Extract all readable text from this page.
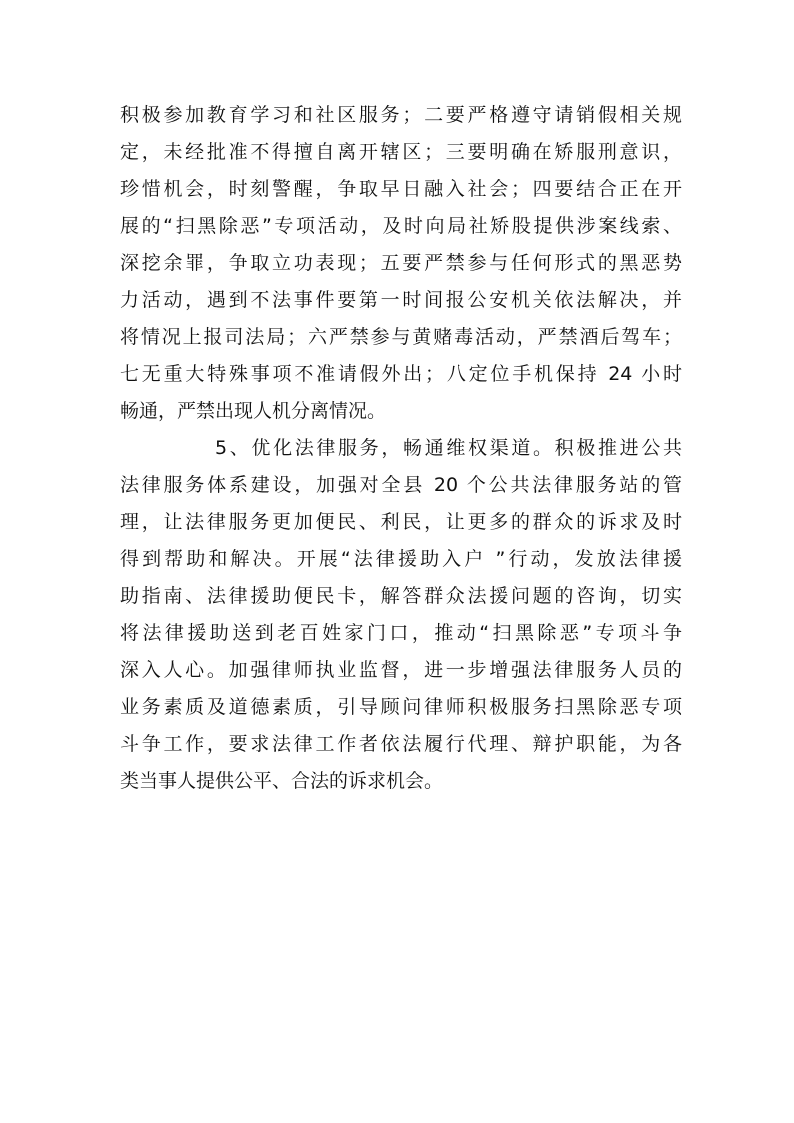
积极参加教育学习和社区服务；二要严格遵守请销假相关规
定，未经批准不得擅自离开辖区；三要明确在矫服刑意识，
珍惜机会，时刻警醒，争取早日融入社会；四要结合正在开
展的“扫黑除恶”专项活动，及时向局社矫股提供涉案线索、
深挖余罪，争取立功表现；五要严禁参与任何形式的黑恶势
力活动，遇到不法事件要第一时间报公安机关依法解决，并
将情况上报司法局；六严禁参与黄赌毒活动，严禁酒后驾车；
七无重大特殊事项不准请假外出；八定位手机保持 24 小时
畅通，严禁出现人机分离情况。
5、优化法律服务，畅通维权渠道。积极推进公共
法律服务体系建设，加强对全县 20 个公共法律服务站的管
理，让法律服务更加便民、利民，让更多的群众的诉求及时
得到帮助和解决。开展“法律援助入户 ”行动，发放法律援
助指南、法律援助便民卡，解答群众法援问题的咨询，切实
将法律援助送到老百姓家门口，推动“扫黑除恶”专项斗争
深入人心。加强律师执业监督，进一步增强法律服务人员的
业务素质及道德素质，引导顾问律师积极服务扫黑除恶专项
斗争工作，要求法律工作者依法履行代理、辩护职能，为各
类当事人提供公平、合法的诉求机会。
